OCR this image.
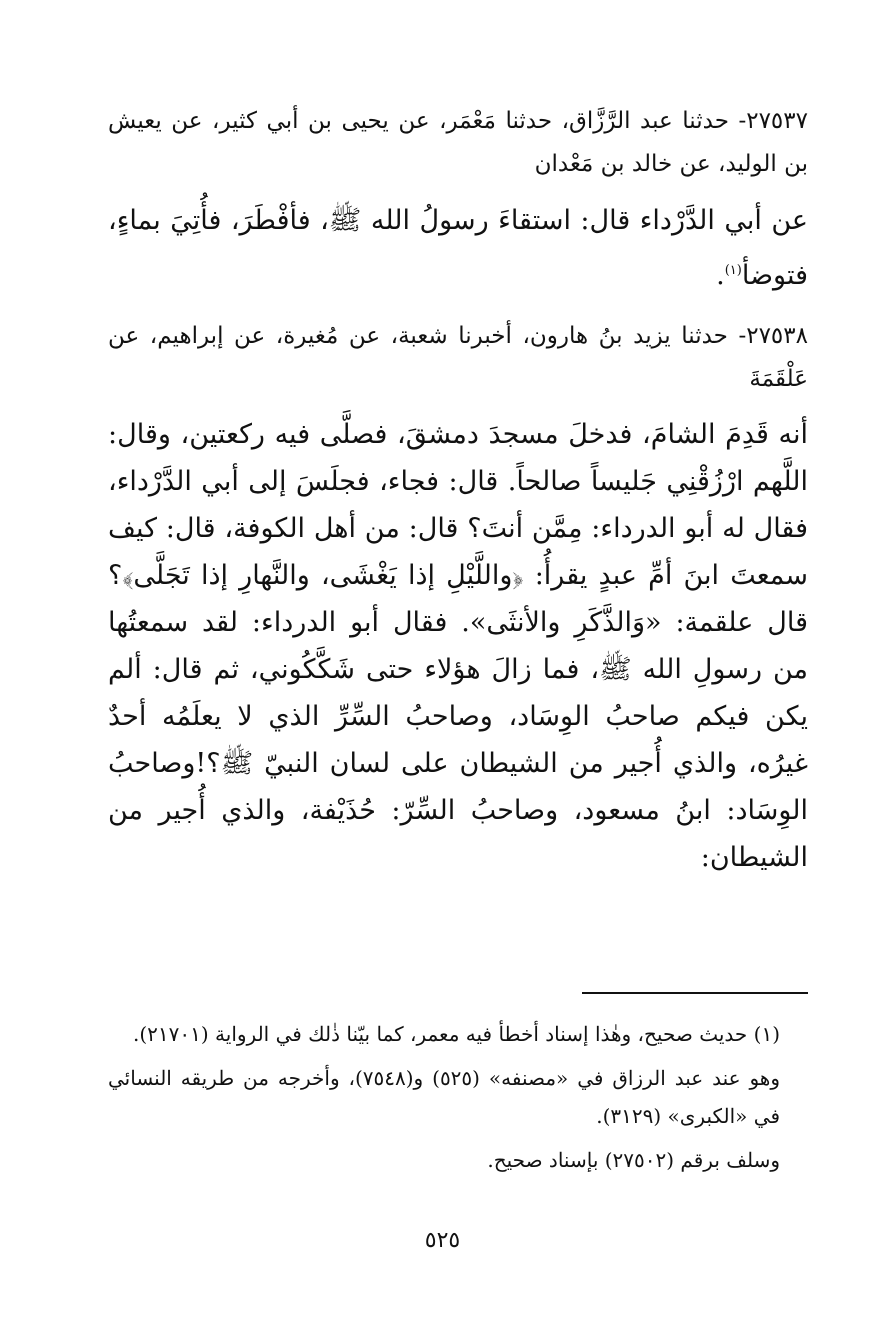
٢٧٥٣٧- حدثنا عبد الرَّزَّاق، حدثنا مَعْمَر، عن يحيى بن أبي كثير، عن يعيش بن الوليد، عن خالد بن مَعْدان

عن أبي الدَّرْداء قال: استقاءَ رسولُ الله ﷺ، فأفْطَرَ، فأُتِيَ بماءٍ، فتوضأ$^{(١)}$.

٢٧٥٣٨- حدثنا يزيد بنُ هارون، أخبرنا شعبة، عن مُغيرة، عن إبراهيم، عن عَلْقَمَةَ

أنه قَدِمَ الشامَ، فدخلَ مسجدَ دمشقَ، فصلَّى فيه ركعتين، وقال: اللَّهم ارْزُقْنِي جَليساً صالحاً. قال: فجاء، فجلَسَ إلى أبي الدَّرْداء، فقال له أبو الدرداء: مِمَّن أنتَ؟ قال: من أهل الكوفة، قال: كيف سمعتَ ابنَ أمِّ عبدٍ يقرأُ: ﴿واللَّيْلِ إذا يَغْشَى، والنَّهارِ إذا تَجَلَّى﴾؟ قال علقمة: «وَالذَّكَرِ والأنثَى». فقال أبو الدرداء: لقد سمعتُها من رسولِ الله ﷺ، فما زالَ هؤلاء حتى شَكَّكُوني، ثم قال: ألم يكن فيكم صاحبُ الوِسَاد، وصاحبُ السِّرِّ الذي لا يعلَمُه أحدٌ غيرُه، والذي أُجير من الشيطان على لسان النبيّ ﷺ؟!وصاحبُ الوِسَاد: ابنُ مسعود، وصاحبُ السِّرّ: حُذَيْفة، والذي أُجير من الشيطان:

(١) حديث صحيح، وهٰذا إسناد أخطأ فيه معمر، كما بيّنا ذٰلك في الرواية (٢١٧٠١).

وهو عند عبد الرزاق في «مصنفه» (٥٢٥) و(٧٥٤٨)، وأخرجه من طريقه النسائي في «الكبرى» (٣١٢٩).

وسلف برقم (٢٧٥٠٢) بإسناد صحيح.

٥٢٥
